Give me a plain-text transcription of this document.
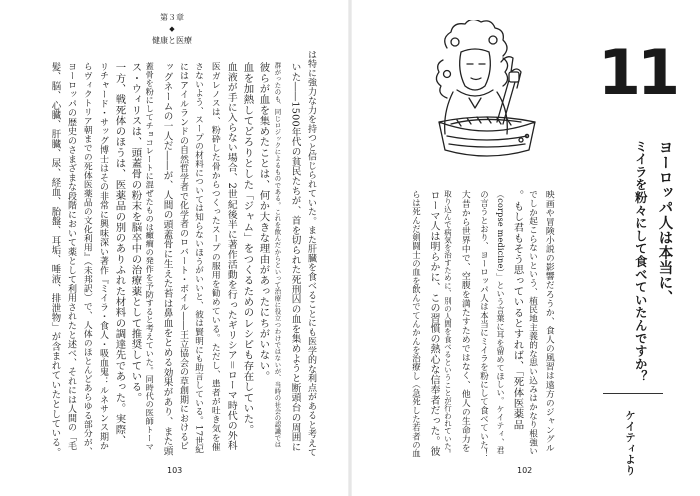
第３章
◆
健康と医療
は特に強力な力を持つと信じられていた。また肝臓を食べることにも医学的な利点があると考えて
いた――1500年代の貧民たちが、首を切られた死刑囚の血を集めようと断頭台の周囲に
群がったのも、同じロジックによるものである。これを飲んだからといって治療に役立つわけではないが、当時の社会の認識では
彼らが血を集めたことは、何か大きな理由があったにちがいない。
血を加熱してどろりとした「ジャム」をつくるためのレシピも存在していた。
血液が手に入らない場合、2世紀後半に著作活動を行ったギリシア＝ローマ時代の外科
医ガレノスは、粉砕した骨からつくったスープの服用を勧めている。ただし、患者が吐き気を催
さないよう、スープの材料については知らないほうがいいと、彼は賢明にも助言している。17世紀
にはアイルランドの自然哲学者で化学者のロバート・ボイル――王立協会の草創期におけるビ
ッグネームの一人だ――が、人間の頭蓋骨に生えた苔は鼻血をとめる効果があり、また頭
蓋骨を粉にしてチョコレートに混ぜたものは癲癇の発作を予防すると考えていた。同時代の医師トーマ
ス・ウィリスは、頭蓋骨の粉末を脳卒中の治療薬として推奨している。
一方、戦死体のほうは、医薬品の別のありふれた材料の調達先であった。実際、
リチャード・サッグ博士はその非常に興味深い著作『ミイラ・食人・吸血鬼：ルネサンス期か
らヴィクトリア朝までの死体医薬品の文化利用』（未邦訳）で、人体のほとんどあらゆる部分が、
ヨーロッパの歴史のさまざまな段階において薬として利用されたと述べ、それには人間の「毛
髪、脳、心臓、肝臓、尿、経血、胎盤、耳垢、唾液、排泄物」が含まれていたとしている。
103
11
ヨーロッパ人は本当に、
ミイラを粉々にして食べていたんですか？
ケイティより
映画や冒険小説の影響だろうか、食人の風習は遠方のジャングル
でしか起こらないという、植民地主義的な思い込みはかなり根強い
。もし君もそう思っているとすれば、「死体医薬品
（corpse medicine）」という言葉に耳を留めてほしい。ケイティ、君
の言うとおり、ヨーロッパ人は本当にミイラを粉にして食べていた！
大昔から世界中で、空腹を満たすためではなく、他人の生命力を
取り込んで病気を治すために、別の人間を食べるということが行われていた。
ローマ人は明らかに、この習慣の熱心な信奉者だった。彼
らは死んだ剣闘士の血を飲んでてんかんを治療し（急死した若者の血
102
